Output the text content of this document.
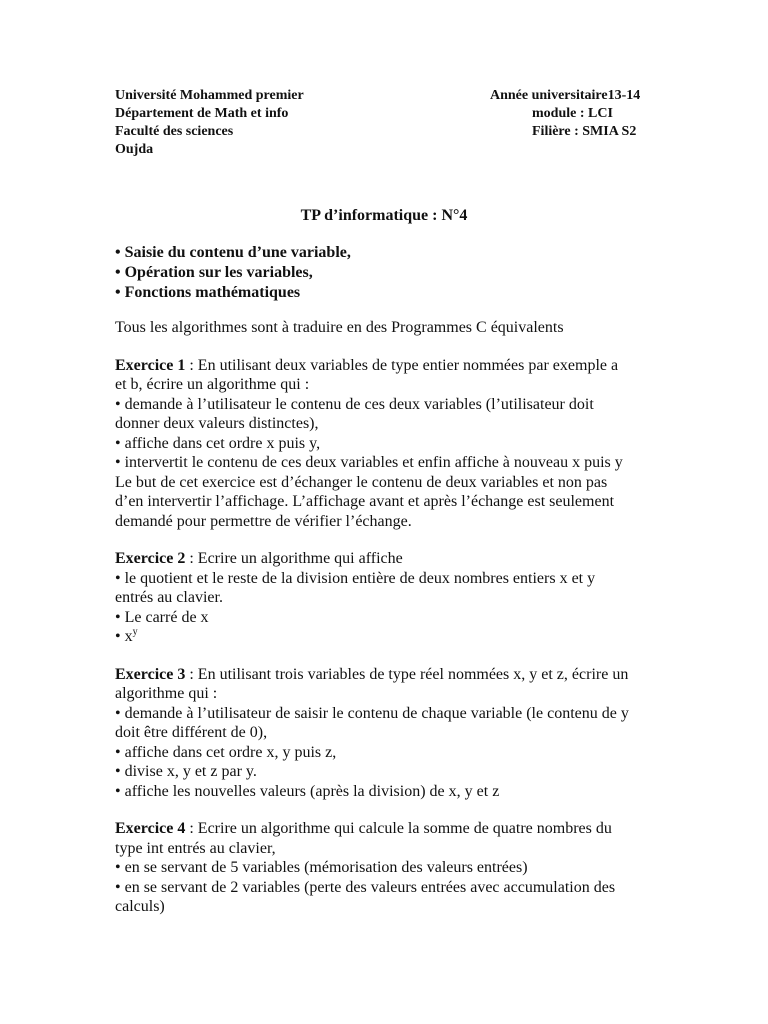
Université Mohammed premier
Département de Math et info
Faculté des sciences
Oujda
Année universitaire13-14
module : LCI
Filière : SMIA S2
TP d’informatique : N°4
• Saisie du contenu d’une variable,
• Opération sur les variables,
• Fonctions mathématiques

Tous les algorithmes sont à traduire en des Programmes C équivalents

Exercice 1 : En utilisant deux variables de type entier nommées par exemple a
et b, écrire un algorithme qui :
• demande à l’utilisateur le contenu de ces deux variables (l’utilisateur doit
donner deux valeurs distinctes),
• affiche dans cet ordre x puis y,
• intervertit le contenu de ces deux variables et enfin affiche à nouveau x puis y
Le but de cet exercice est d’échanger le contenu de deux variables et non pas
d’en intervertir l’affichage. L’affichage avant et après l’échange est seulement
demandé pour permettre de vérifier l’échange.
Exercice 2 : Ecrire un algorithme qui affiche
• le quotient et le reste de la division entière de deux nombres entiers x et y
entrés au clavier.
• Le carré de x
• $x^y$
Exercice 3 : En utilisant trois variables de type réel nommées x, y et z, écrire un
algorithme qui :
• demande à l’utilisateur de saisir le contenu de chaque variable (le contenu de y
doit être différent de 0),
• affiche dans cet ordre x, y puis z,
• divise x, y et z par y.
• affiche les nouvelles valeurs (après la division) de x, y et z
Exercice 4 : Ecrire un algorithme qui calcule la somme de quatre nombres du
type int entrés au clavier,
• en se servant de 5 variables (mémorisation des valeurs entrées)
• en se servant de 2 variables (perte des valeurs entrées avec accumulation des
calculs)
